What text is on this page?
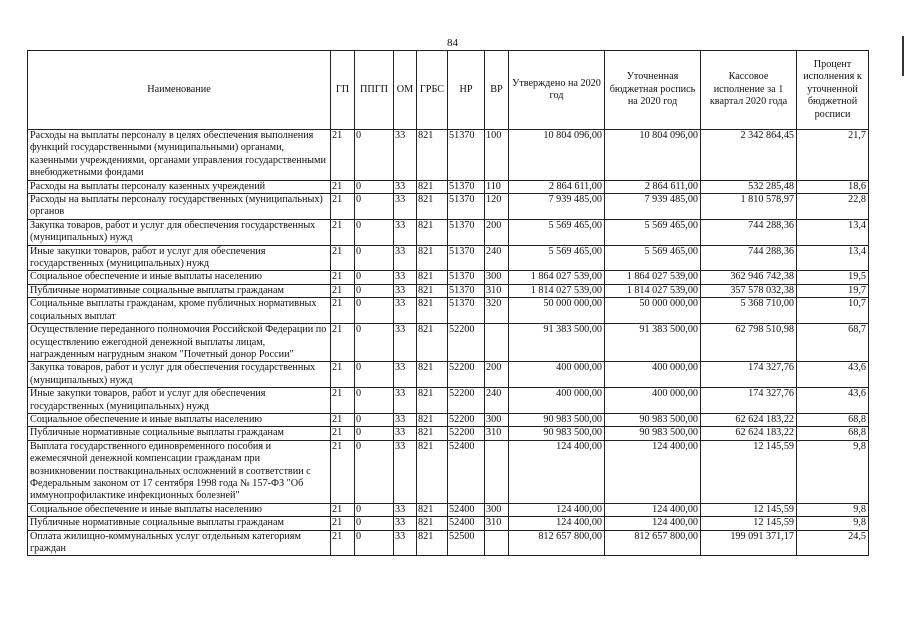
84
Наименование	ГП	ППГП	ОМ	ГРБС	НР	ВР	Утверждено на 2020 год	Уточненная бюджетная роспись на 2020 год	Кассовое исполнение за 1 квартал 2020 года	Процент исполнения к уточненной бюджетной росписи
Расходы на выплаты персоналу в целях обеспечения выполнения функций государственными (муниципальными) органами, казенными учреждениями, органами управления государственными внебюджетными фондами	21	0	33	821	51370	100	10 804 096,00	10 804 096,00	2 342 864,45	21,7
Расходы на выплаты персоналу казенных учреждений	21	0	33	821	51370	110	2 864 611,00	2 864 611,00	532 285,48	18,6
Расходы на выплаты персоналу государственных (муниципальных) органов	21	0	33	821	51370	120	7 939 485,00	7 939 485,00	1 810 578,97	22,8
Закупка товаров, работ и услуг для обеспечения государственных (муниципальных) нужд	21	0	33	821	51370	200	5 569 465,00	5 569 465,00	744 288,36	13,4
Иные закупки товаров, работ и услуг для обеспечения государственных (муниципальных) нужд	21	0	33	821	51370	240	5 569 465,00	5 569 465,00	744 288,36	13,4
Социальное обеспечение и иные выплаты населению	21	0	33	821	51370	300	1 864 027 539,00	1 864 027 539,00	362 946 742,38	19,5
Публичные нормативные социальные выплаты гражданам	21	0	33	821	51370	310	1 814 027 539,00	1 814 027 539,00	357 578 032,38	19,7
Социальные выплаты гражданам, кроме публичных нормативных социальных выплат	21	0	33	821	51370	320	50 000 000,00	50 000 000,00	5 368 710,00	10,7
Осуществление переданного полномочия Российской Федерации по осуществлению ежегодной денежной выплаты лицам, награжденным нагрудным знаком "Почетный донор России"	21	0	33	821	52200		91 383 500,00	91 383 500,00	62 798 510,98	68,7
Закупка товаров, работ и услуг для обеспечения государственных (муниципальных) нужд	21	0	33	821	52200	200	400 000,00	400 000,00	174 327,76	43,6
Иные закупки товаров, работ и услуг для обеспечения государственных (муниципальных) нужд	21	0	33	821	52200	240	400 000,00	400 000,00	174 327,76	43,6
Социальное обеспечение и иные выплаты населению	21	0	33	821	52200	300	90 983 500,00	90 983 500,00	62 624 183,22	68,8
Публичные нормативные социальные выплаты гражданам	21	0	33	821	52200	310	90 983 500,00	90 983 500,00	62 624 183,22	68,8
Выплата государственного единовременного пособия и ежемесячной денежной компенсации гражданам при возникновении поствакцинальных осложнений в соответствии с Федеральным законом от 17 сентября 1998 года № 157-ФЗ "Об иммунопрофилактике инфекционных болезней"	21	0	33	821	52400		124 400,00	124 400,00	12 145,59	9,8
Социальное обеспечение и иные выплаты населению	21	0	33	821	52400	300	124 400,00	124 400,00	12 145,59	9,8
Публичные нормативные социальные выплаты гражданам	21	0	33	821	52400	310	124 400,00	124 400,00	12 145,59	9,8
Оплата жилищно-коммунальных услуг отдельным категориям граждан	21	0	33	821	52500		812 657 800,00	812 657 800,00	199 091 371,17	24,5
